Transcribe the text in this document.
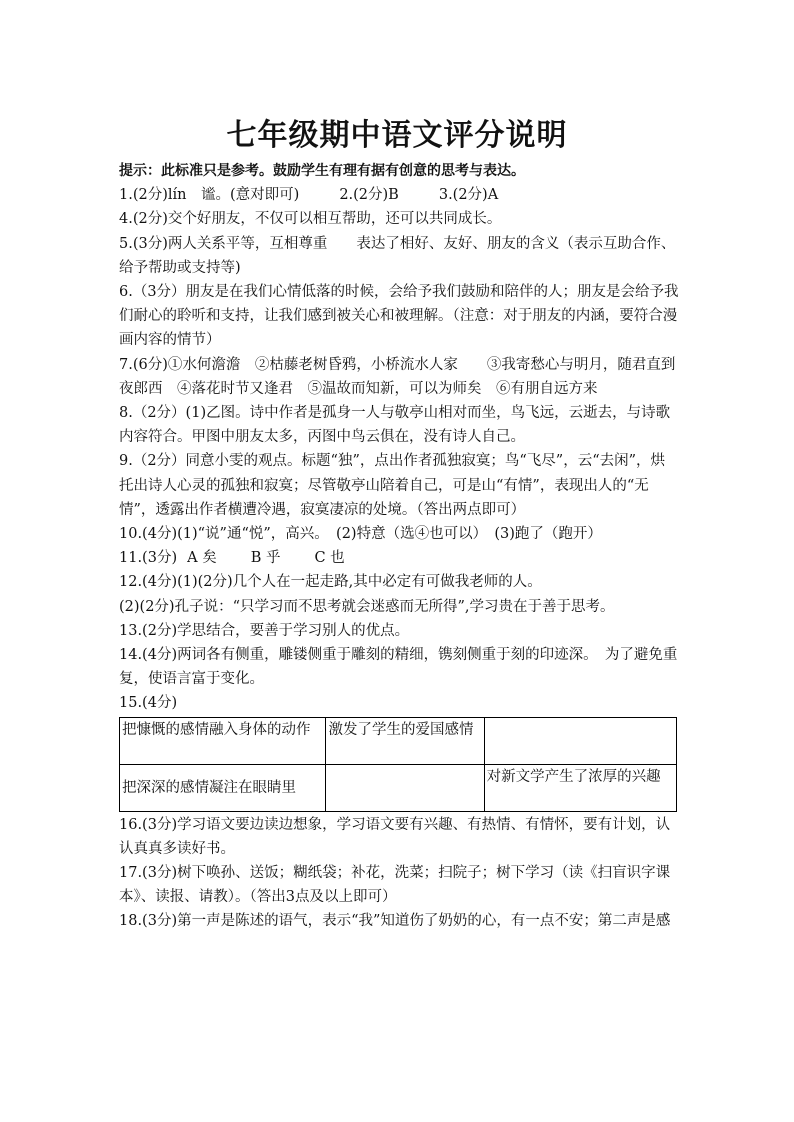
七年级期中语文评分说明

提示：此标准只是参考。鼓励学生有理有据有创意的思考与表达。

1.(2分)lín　谧。(意对即可)	2.(2分)B	3.(2分)A

4.(2分)交个好朋友，不仅可以相互帮助，还可以共同成长。

5.(3分)两人关系平等，互相尊重　　表达了相好、友好、朋友的含义（表示互助合作、给予帮助或支持等)

6.（3分）朋友是在我们心情低落的时候，会给予我们鼓励和陪伴的人；朋友是会给予我们耐心的聆听和支持，让我们感到被关心和被理解。（注意：对于朋友的内涵，要符合漫画内容的情节）

7.(6分)①水何澹澹　②枯藤老树昏鸦，小桥流水人家　　③我寄愁心与明月，随君直到夜郎西　④落花时节又逢君　⑤温故而知新，可以为师矣　⑥有朋自远方来

8.（2分）(1)乙图。诗中作者是孤身一人与敬亭山相对而坐，鸟飞远，云逝去，与诗歌内容符合。甲图中朋友太多，丙图中鸟云俱在，没有诗人自己。

9.（2分）同意小雯的观点。标题“独”，点出作者孤独寂寞；鸟“飞尽”，云“去闲”，烘托出诗人心灵的孤独和寂寞；尽管敬亭山陪着自己，可是山“有情”，表现出人的“无情”，透露出作者横遭冷遇，寂寞凄凉的处境。（答出两点即可）

10.(4分)(1)“说”通“悦”，高兴。　(2)特意（选④也可以）　(3)跑了（跑开）

11.(3分) A 矣 B 乎 C 也

12.(4分)(1)(2分)几个人在一起走路,其中必定有可做我老师的人。

(2)(2分)孔子说：“只学习而不思考就会迷惑而无所得”,学习贵在于善于思考。

13.(2分)学思结合，要善于学习别人的优点。

14.(4分)两词各有侧重，雕镂侧重于雕刻的精细，镌刻侧重于刻的印迹深。　为了避免重复，使语言富于变化。

15.(4分)

把慷慨的感情融入身体的动作	激发了学生的爱国感情	
把深深的感情凝注在眼睛里		对新文学产生了浓厚的兴趣

16.(3分)学习语文要边读边想象，学习语文要有兴趣、有热情、有情怀，要有计划，认认真真多读好书。

17.(3分)树下唤孙、送饭；糊纸袋；补花，洗菜；扫院子；树下学习（读《扫盲识字课本》、读报、请教）。（答出3点及以上即可）

18.(3分)第一声是陈述的语气，表示“我”知道伤了奶奶的心，有一点不安；第二声是感
